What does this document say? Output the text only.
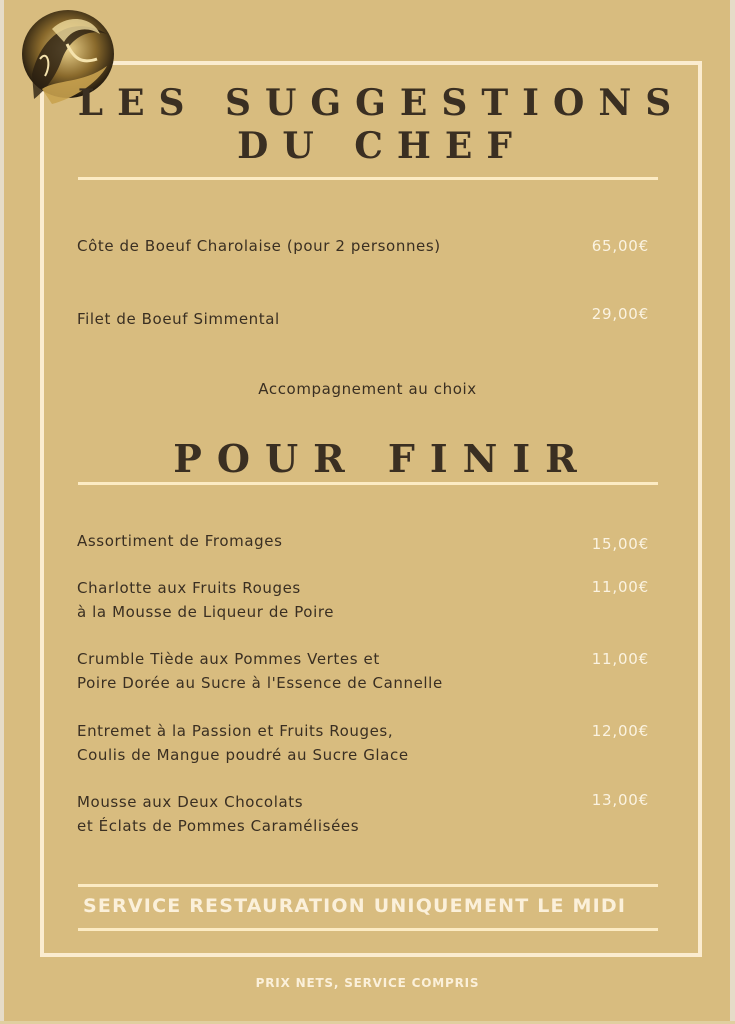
LES SUGGESTIONS
DU CHEF
Côte de Boeuf Charolaise (pour 2 personnes)	65,00€
Filet de Boeuf Simmental	29,00€
Accompagnement au choix
POUR FINIR
Assortiment de Fromages	15,00€
Charlotte aux Fruits Rouges
à la Mousse de Liqueur de Poire
11,00€
Crumble Tiède aux Pommes Vertes et
Poire Dorée au Sucre à l'Essence de Cannelle
11,00€
Entremet à la Passion et Fruits Rouges,
Coulis de Mangue poudré au Sucre Glace
12,00€
Mousse aux Deux Chocolats
et Éclats de Pommes Caramélisées
13,00€
SERVICE RESTAURATION UNIQUEMENT LE MIDI
PRIX NETS, SERVICE COMPRIS
